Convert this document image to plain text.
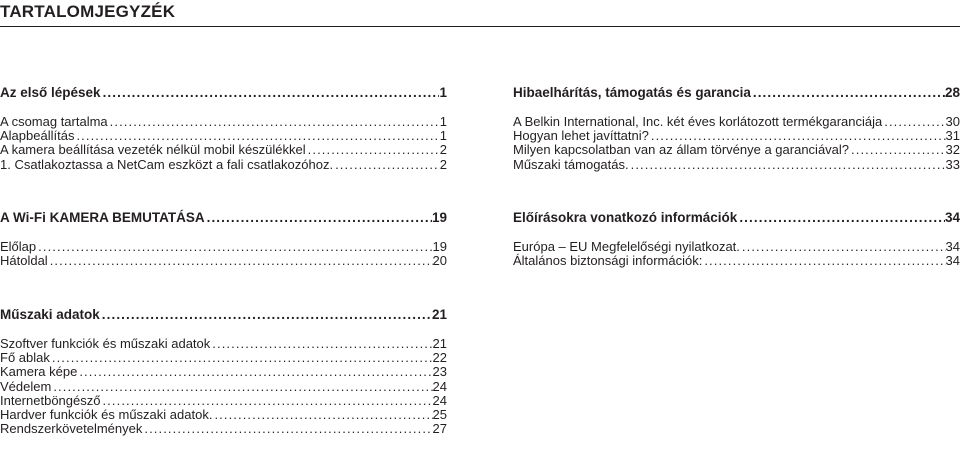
TARTALOMJEGYZÉK
Az első lépések .....	1
A csomag tartalma .....	1
Alapbeállítás .....	1
A kamera beállítása vezeték nélkül mobil készülékkel .....	2
1. Csatlakoztassa a NetCam eszközt a fali csatlakozóhoz. .....	2
A Wi-Fi KAMERA BEMUTATÁSA .....	19
Előlap .....	19
Hátoldal .....	20
Műszaki adatok .....	21
Szoftver funkciók és műszaki adatok .....	21
Fő ablak .....	22
Kamera képe .....	23
Védelem .....	24
Internetböngésző .....	24
Hardver funkciók és műszaki adatok. .....	25
Rendszerkövetelmények .....	27
Hibaelhárítás, támogatás és garancia .....	28
A Belkin International, Inc. két éves korlátozott termékgaranciája .....	30
Hogyan lehet javíttatni? .....	31
Milyen kapcsolatban van az állam törvénye a garanciával? .....	32
Műszaki támogatás. .....	33
Előírásokra vonatkozó információk .....	34
Európa – EU Megfelelőségi nyilatkozat. .....	34
Általános biztonsági információk: .....	34
